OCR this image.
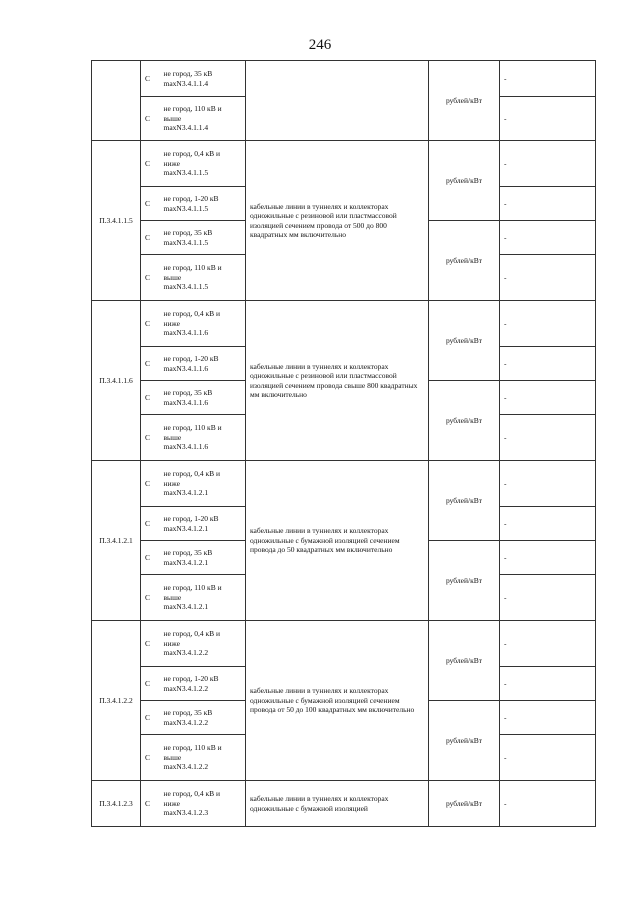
246
	С	не город, 35 кВ
maxN3.4.1.1.4		рублей/кВт	-
	С	не город, 110 кВ и
выше
maxN3.4.1.1.4			-
П.3.4.1.1.5	С	не город, 0,4 кВ и
ниже
maxN3.4.1.1.5	кабельные линии в туннелях и коллекторах одножильные с резиновой или пластмассовой изоляцией сечением провода от 500 до 800 квадратных мм включительно	рублей/кВт	-
	С	не город, 1-20 кВ
maxN3.4.1.1.5			-
	С	не город, 35 кВ
maxN3.4.1.1.5		рублей/кВт	-
	С	не город, 110 кВ и
выше
maxN3.4.1.1.5			-
П.3.4.1.1.6	С	не город, 0,4 кВ и
ниже
maxN3.4.1.1.6	кабельные линии в туннелях и коллекторах одножильные с резиновой или пластмассовой изоляцией сечением провода свыше 800 квадратных мм включительно	рублей/кВт	-
	С	не город, 1-20 кВ
maxN3.4.1.1.6			-
	С	не город, 35 кВ
maxN3.4.1.1.6		рублей/кВт	-
	С	не город, 110 кВ и
выше
maxN3.4.1.1.6			-
П.3.4.1.2.1	С	не город, 0,4 кВ и
ниже
maxN3.4.1.2.1	кабельные линии в туннелях и коллекторах одножильные с бумажной изоляцией сечением провода до 50 квадратных мм включительно	рублей/кВт	-
	С	не город, 1-20 кВ
maxN3.4.1.2.1			-
	С	не город, 35 кВ
maxN3.4.1.2.1		рублей/кВт	-
	С	не город, 110 кВ и
выше
maxN3.4.1.2.1			-
П.3.4.1.2.2	С	не город, 0,4 кВ и
ниже
maxN3.4.1.2.2	кабельные линии в туннелях и коллекторах одножильные с бумажной изоляцией сечением провода от 50 до 100 квадратных мм включительно	рублей/кВт	-
	С	не город, 1-20 кВ
maxN3.4.1.2.2			-
	С	не город, 35 кВ
maxN3.4.1.2.2		рублей/кВт	-
	С	не город, 110 кВ и
выше
maxN3.4.1.2.2			-
П.3.4.1.2.3	С	не город, 0,4 кВ и
ниже
maxN3.4.1.2.3	кабельные линии в туннелях и коллекторах одножильные с бумажной изоляцией	рублей/кВт	-
